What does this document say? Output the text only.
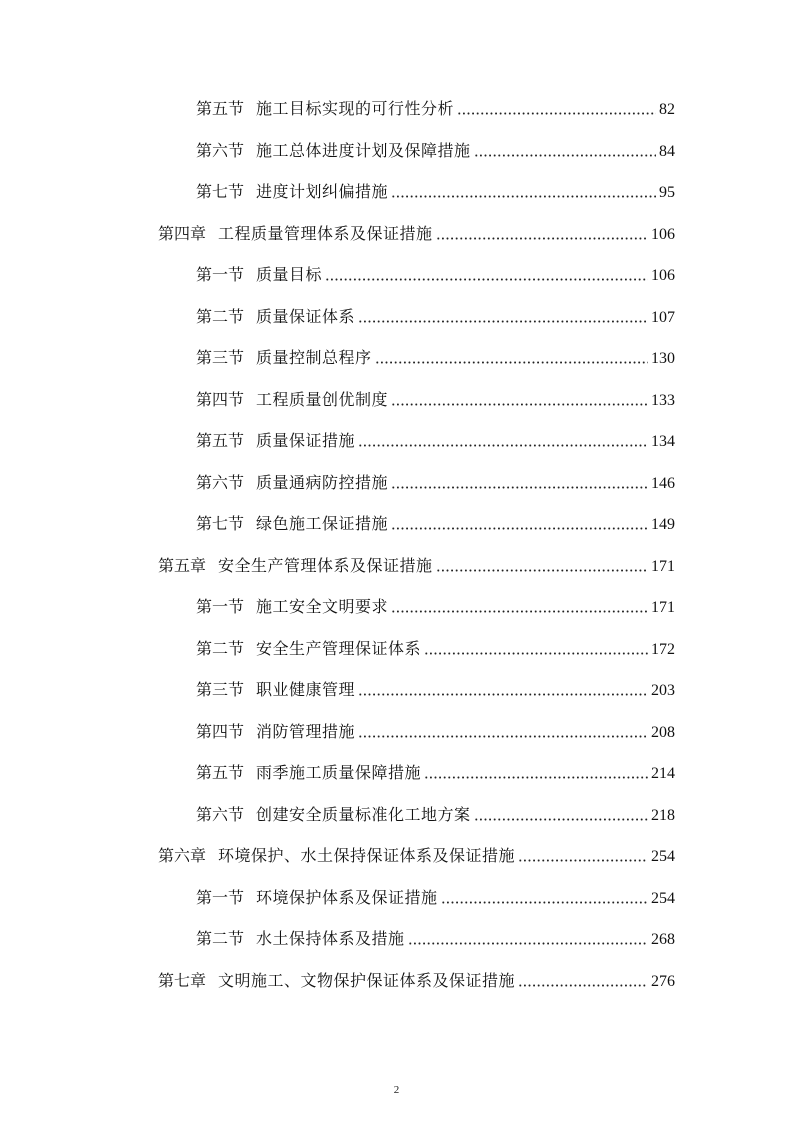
第五节 施工目标实现的可行性分析	82
第六节 施工总体进度计划及保障措施	84
第七节 进度计划纠偏措施	95
第四章 工程质量管理体系及保证措施	106
第一节 质量目标	106
第二节 质量保证体系	107
第三节 质量控制总程序	130
第四节 工程质量创优制度	133
第五节 质量保证措施	134
第六节 质量通病防控措施	146
第七节 绿色施工保证措施	149
第五章 安全生产管理体系及保证措施	171
第一节 施工安全文明要求	171
第二节 安全生产管理保证体系	172
第三节 职业健康管理	203
第四节 消防管理措施	208
第五节 雨季施工质量保障措施	214
第六节 创建安全质量标准化工地方案	218
第六章 环境保护、水土保持保证体系及保证措施	254
第一节 环境保护体系及保证措施	254
第二节 水土保持体系及措施	268
第七章 文明施工、文物保护保证体系及保证措施	276
2
